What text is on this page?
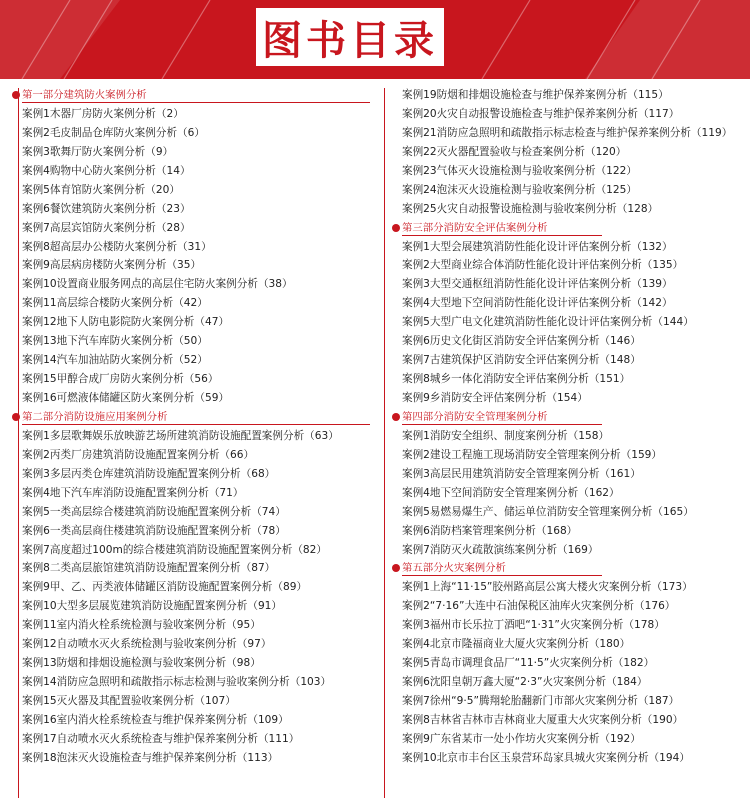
图书目录
第一部分建筑防火案例分析
案例1木器厂房防火案例分析（2）
案例2毛皮制品仓库防火案例分析（6）
案例3歌舞厅防火案例分析（9）
案例4购物中心防火案例分析（14）
案例5体育馆防火案例分析（20）
案例6餐饮建筑防火案例分析（23）
案例7高层宾馆防火案例分析（28）
案例8超高层办公楼防火案例分析（31）
案例9高层病房楼防火案例分析（35）
案例10设置商业服务网点的高层住宅防火案例分析（38）
案例11高层综合楼防火案例分析（42）
案例12地下人防电影院防火案例分析（47）
案例13地下汽车库防火案例分析（50）
案例14汽车加油站防火案例分析（52）
案例15甲醇合成厂房防火案例分析（56）
案例16可燃液体储罐区防火案例分析（59）
第二部分消防设施应用案例分析
案例1多层歌舞娱乐放映游艺场所建筑消防设施配置案例分析（63）
案例2丙类厂房建筑消防设施配置案例分析（66）
案例3多层丙类仓库建筑消防设施配置案例分析（68）
案例4地下汽车库消防设施配置案例分析（71）
案例5一类高层综合楼建筑消防设施配置案例分析（74）
案例6一类高层商住楼建筑消防设施配置案例分析（78）
案例7高度超过100m的综合楼建筑消防设施配置案例分析（82）
案例8二类高层旅馆建筑消防设施配置案例分析（87）
案例9甲、乙、丙类液体储罐区消防设施配置案例分析（89）
案例10大型多层展览建筑消防设施配置案例分析（91）
案例11室内消火栓系统检测与验收案例分析（95）
案例12自动喷水灭火系统检测与验收案例分析（97）
案例13防烟和排烟设施检测与验收案例分析（98）
案例14消防应急照明和疏散指示标志检测与验收案例分析（103）
案例15灭火器及其配置验收案例分析（107）
案例16室内消火栓系统检查与维护保养案例分析（109）
案例17自动喷水灭火系统检查与维护保养案例分析（111）
案例18泡沫灭火设施检查与维护保养案例分析（113）
案例19防烟和排烟设施检查与维护保养案例分析（115）
案例20火灾自动报警设施检查与维护保养案例分析（117）
案例21消防应急照明和疏散指示标志检查与维护保养案例分析（119）
案例22灭火器配置验收与检查案例分析（120）
案例23气体灭火设施检测与验收案例分析（122）
案例24泡沫灭火设施检测与验收案例分析（125）
案例25火灾自动报警设施检测与验收案例分析（128）
第三部分消防安全评估案例分析
案例1大型会展建筑消防性能化设计评估案例分析（132）
案例2大型商业综合体消防性能化设计评估案例分析（135）
案例3大型交通枢纽消防性能化设计评估案例分析（139）
案例4大型地下空间消防性能化设计评估案例分析（142）
案例5大型广电文化建筑消防性能化设计评估案例分析（144）
案例6历史文化街区消防安全评估案例分析（146）
案例7古建筑保护区消防安全评估案例分析（148）
案例8城乡一体化消防安全评估案例分析（151）
案例9乡消防安全评估案例分析（154）
第四部分消防安全管理案例分析
案例1消防安全组织、制度案例分析（158）
案例2建设工程施工现场消防安全管理案例分析（159）
案例3高层民用建筑消防安全管理案例分析（161）
案例4地下空间消防安全管理案例分析（162）
案例5易燃易爆生产、储运单位消防安全管理案例分析（165）
案例6消防档案管理案例分析（168）
案例7消防灭火疏散演练案例分析（169）
第五部分火灾案例分析
案例1上海“11·15”胶州路高层公寓大楼火灾案例分析（173）
案例2“7·16”大连中石油保税区油库火灾案例分析（176）
案例3福州市长乐拉丁酒吧“1·31”火灾案例分析（178）
案例4北京市隆福商业大厦火灾案例分析（180）
案例5青岛市调理食品厂“11·5”火灾案例分析（182）
案例6沈阳皇朝万鑫大厦“2·3”火灾案例分析（184）
案例7徐州“9·5”腾翔轮胎翻新门市部火灾案例分析（187）
案例8吉林省吉林市吉林商业大厦重大火灾案例分析（190）
案例9广东省某市一处小作坊火灾案例分析（192）
案例10北京市丰台区玉泉营环岛家具城火灾案例分析（194）
